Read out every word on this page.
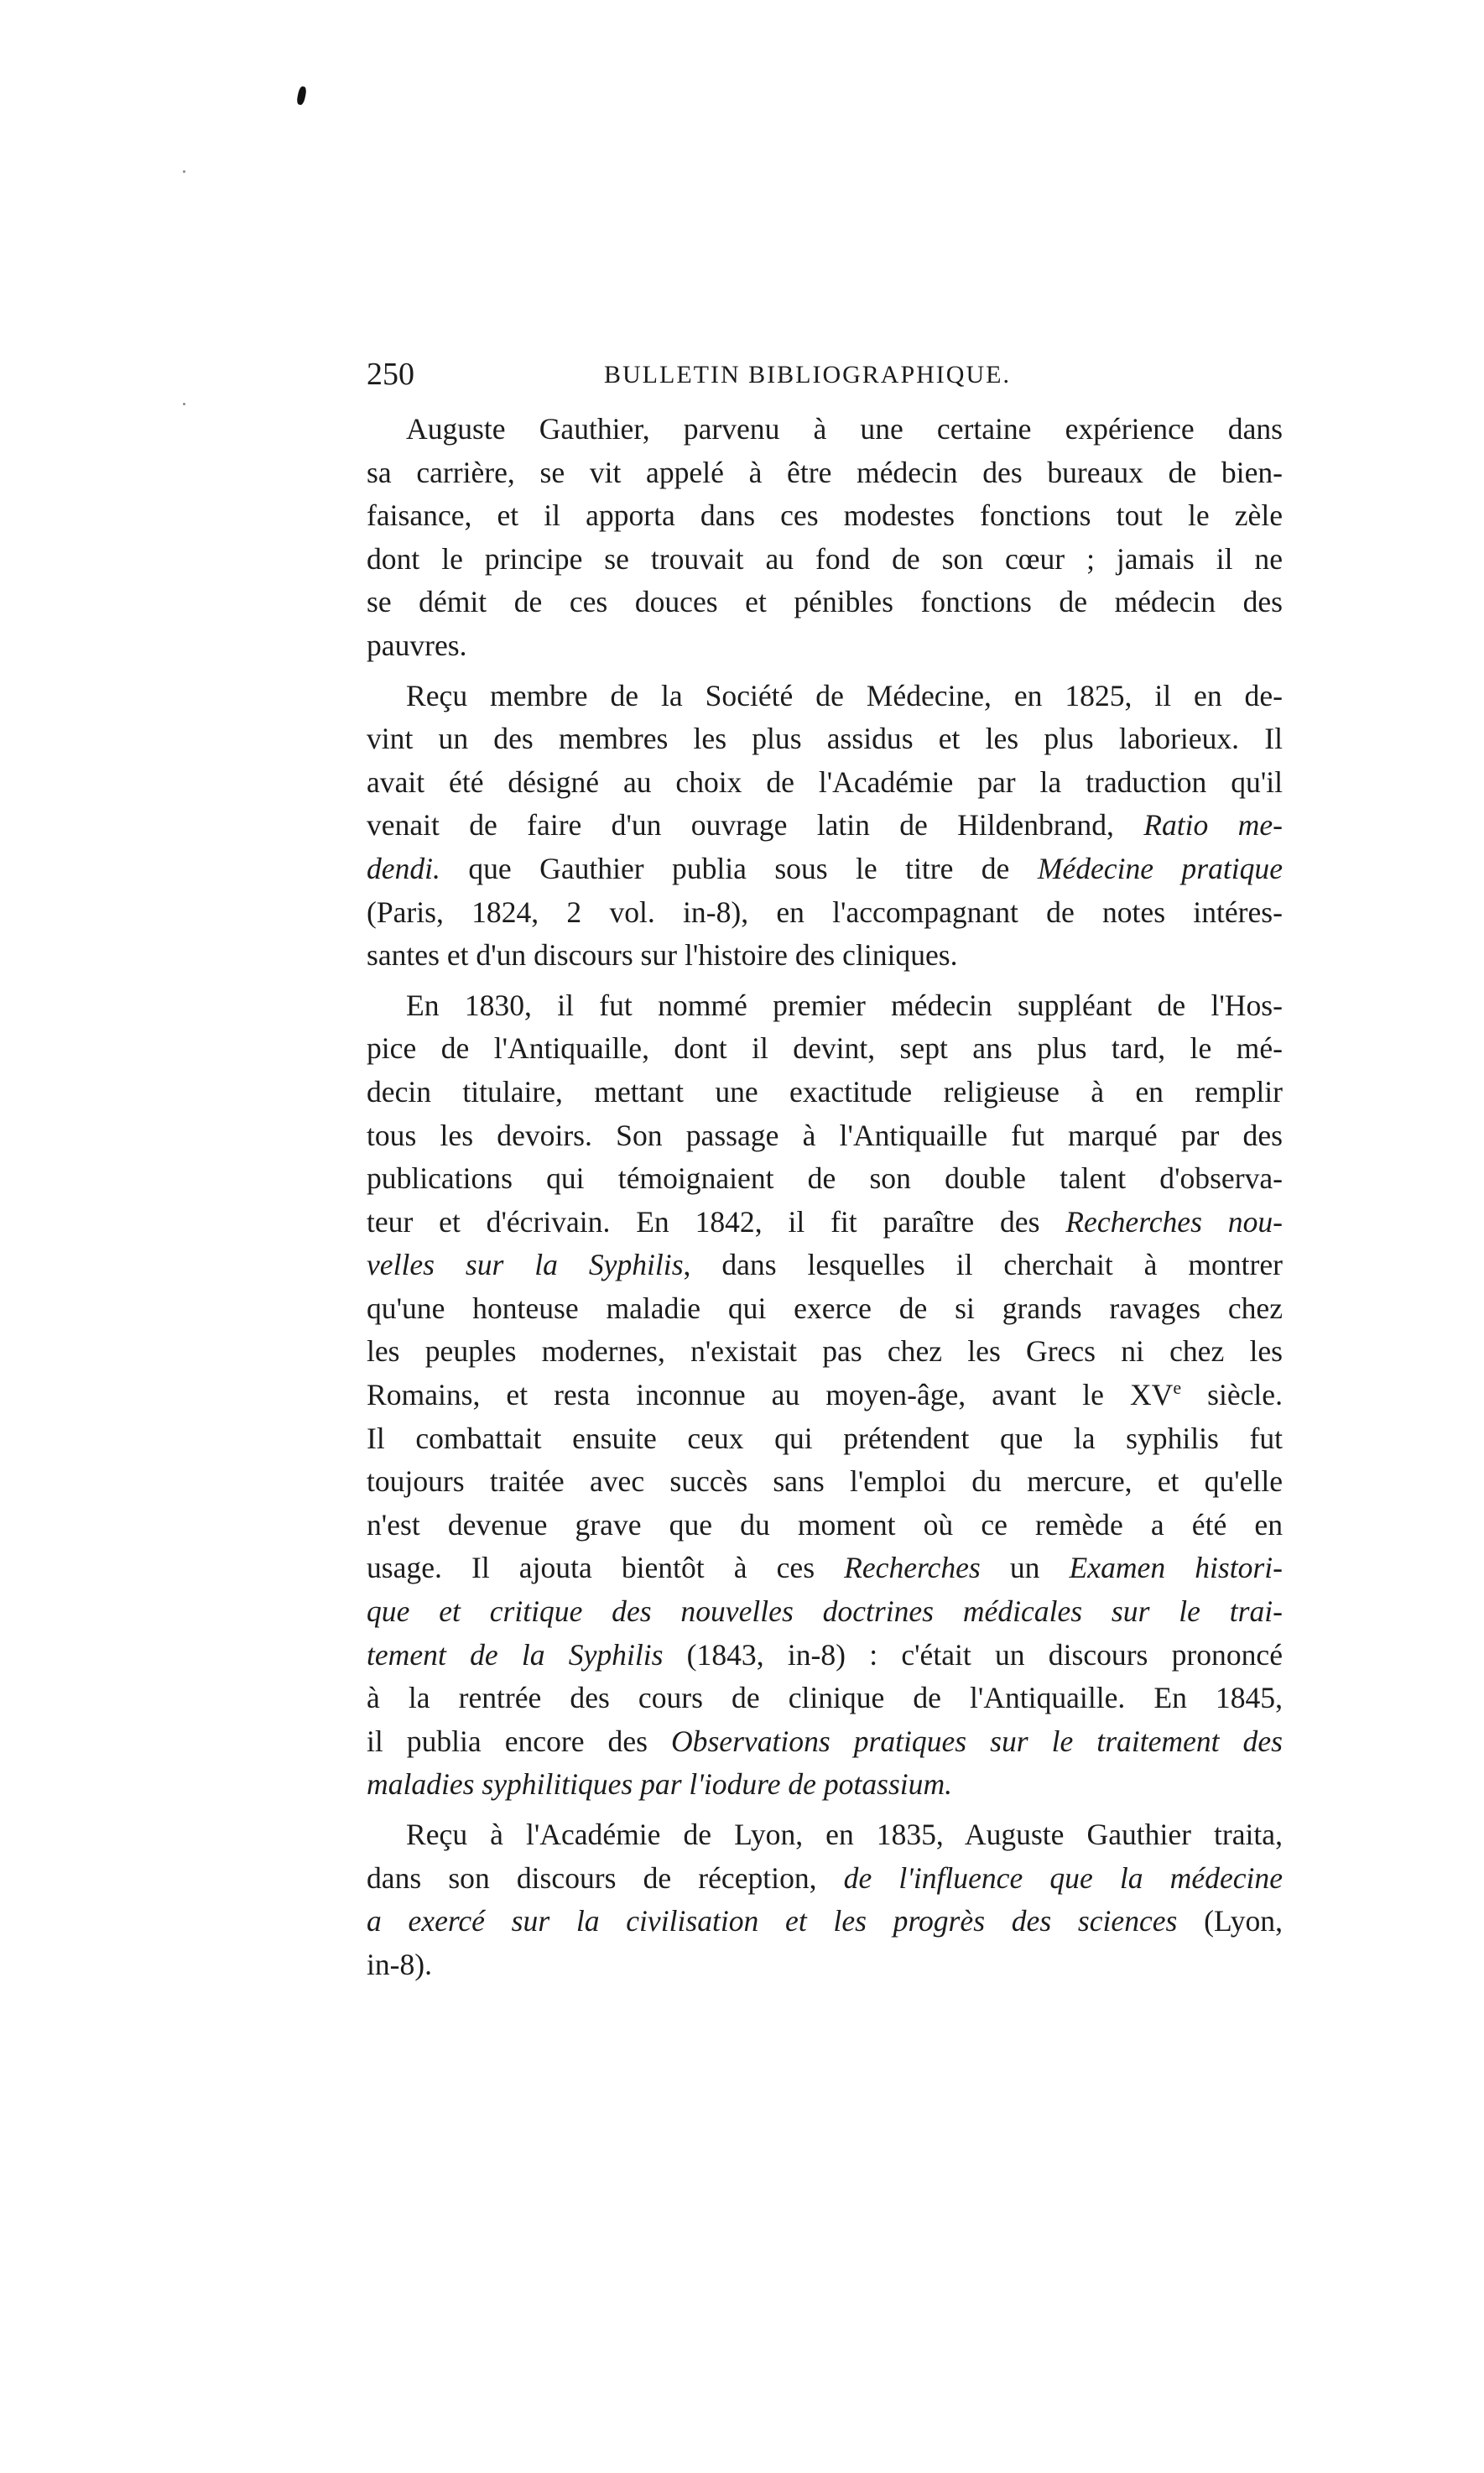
250	BULLETIN BIBLIOGRAPHIQUE.

Auguste Gauthier, parvenu à une certaine expérience dans
sa carrière, se vit appelé à être médecin des bureaux de bien-
faisance, et il apporta dans ces modestes fonctions tout le zèle
dont le principe se trouvait au fond de son cœur ; jamais il ne
se démit de ces douces et pénibles fonctions de médecin des
pauvres.

Reçu membre de la Société de Médecine, en 1825, il en de-
vint un des membres les plus assidus et les plus laborieux. Il
avait été désigné au choix de l'Académie par la traduction qu'il
venait de faire d'un ouvrage latin de Hildenbrand, Ratio me-
dendi. que Gauthier publia sous le titre de Médecine pratique
(Paris, 1824, 2 vol. in-8), en l'accompagnant de notes intéres-
santes et d'un discours sur l'histoire des cliniques.

En 1830, il fut nommé premier médecin suppléant de l'Hos-
pice de l'Antiquaille, dont il devint, sept ans plus tard, le mé-
decin titulaire, mettant une exactitude religieuse à en remplir
tous les devoirs. Son passage à l'Antiquaille fut marqué par des
publications qui témoignaient de son double talent d'observa-
teur et d'écrivain. En 1842, il fit paraître des Recherches nou-
velles sur la Syphilis, dans lesquelles il cherchait à montrer
qu'une honteuse maladie qui exerce de si grands ravages chez
les peuples modernes, n'existait pas chez les Grecs ni chez les
Romains, et resta inconnue au moyen-âge, avant le XVe siècle.
Il combattait ensuite ceux qui prétendent que la syphilis fut
toujours traitée avec succès sans l'emploi du mercure, et qu'elle
n'est devenue grave que du moment où ce remède a été en
usage. Il ajouta bientôt à ces Recherches un Examen histori-
que et critique des nouvelles doctrines médicales sur le trai-
tement de la Syphilis (1843, in-8) : c'était un discours prononcé
à la rentrée des cours de clinique de l'Antiquaille. En 1845,
il publia encore des Observations pratiques sur le traitement des
maladies syphilitiques par l'iodure de potassium.

Reçu à l'Académie de Lyon, en 1835, Auguste Gauthier traita,
dans son discours de réception, de l'influence que la médecine
a exercé sur la civilisation et les progrès des sciences (Lyon,
in-8).
